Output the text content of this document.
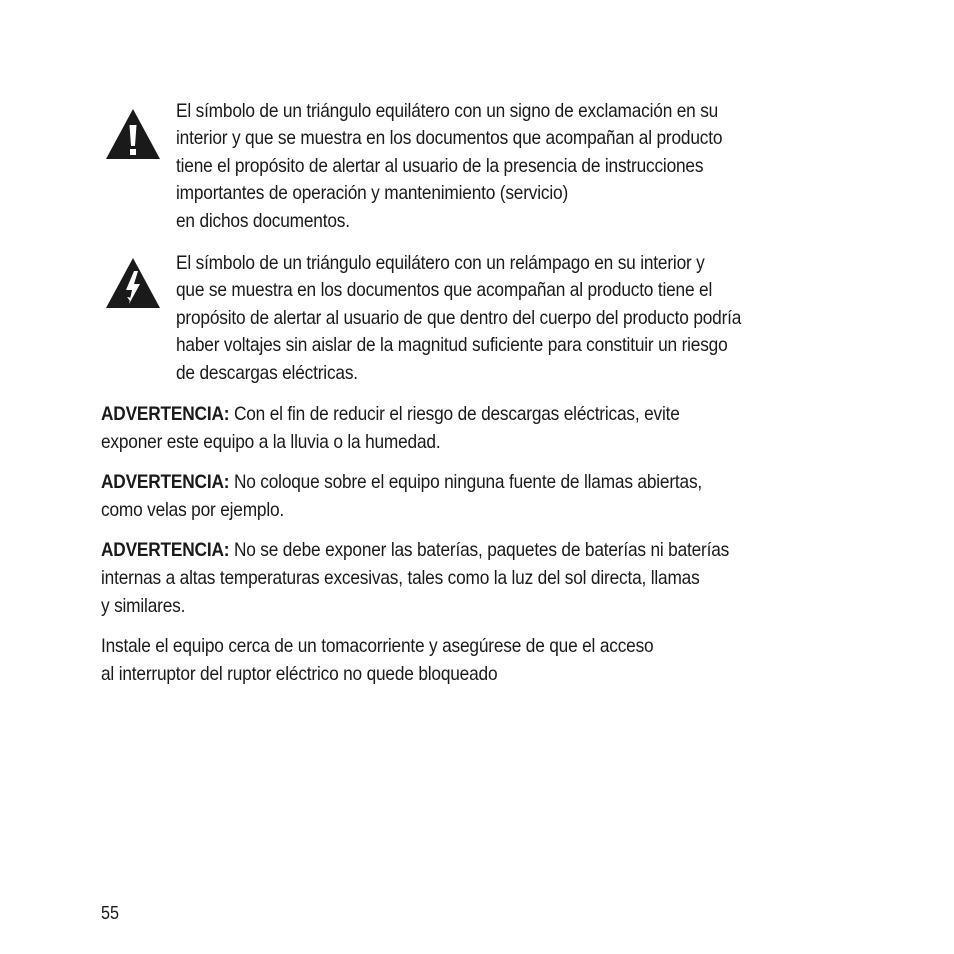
El símbolo de un triángulo equilátero con un signo de exclamación en su
interior y que se muestra en los documentos que acompañan al producto
tiene el propósito de alertar al usuario de la presencia de instrucciones
importantes de operación y mantenimiento (servicio)
en dichos documentos.
El símbolo de un triángulo equilátero con un relámpago en su interior y
que se muestra en los documentos que acompañan al producto tiene el
propósito de alertar al usuario de que dentro del cuerpo del producto podría
haber voltajes sin aislar de la magnitud suficiente para constituir un riesgo
de descargas eléctricas.
ADVERTENCIA: Con el fin de reducir el riesgo de descargas eléctricas, evite
exponer este equipo a la lluvia o la humedad.
ADVERTENCIA: No coloque sobre el equipo ninguna fuente de llamas abiertas,
como velas por ejemplo.
ADVERTENCIA: No se debe exponer las baterías, paquetes de baterías ni baterías
internas a altas temperaturas excesivas, tales como la luz del sol directa, llamas
y similares.
Instale el equipo cerca de un tomacorriente y asegúrese de que el acceso
al interruptor del ruptor eléctrico no quede bloqueado
55
